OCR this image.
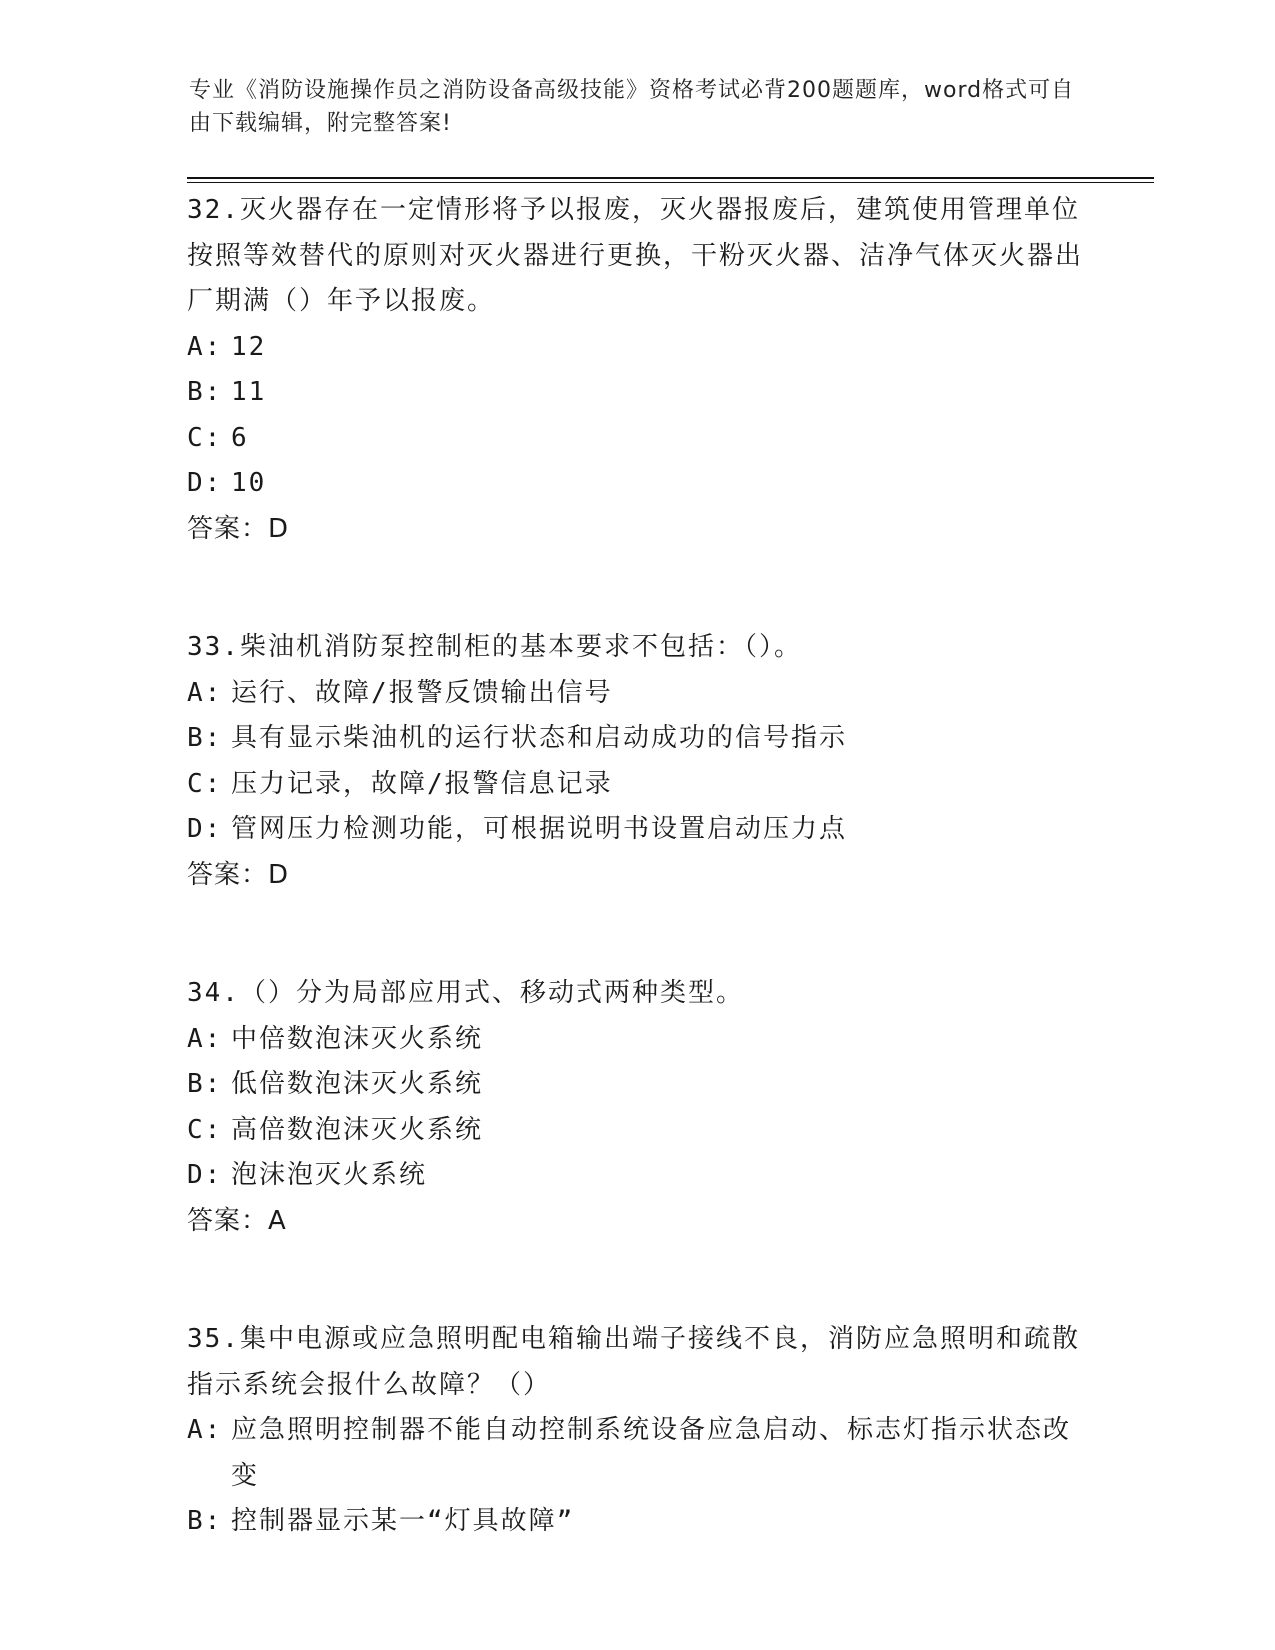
专业《消防设施操作员之消防设备高级技能》资格考试必背200题题库，word格式可自由下载编辑，附完整答案!

32.灭火器存在一定情形将予以报废，灭火器报废后，建筑使用管理单位按照等效替代的原则对灭火器进行更换，干粉灭火器、洁净气体灭火器出厂期满（）年予以报废。

A: 12
B: 11
C: 6
D: 10

答案：D

33.柴油机消防泵控制柜的基本要求不包括：（）。

A: 运行、故障/报警反馈输出信号
B: 具有显示柴油机的运行状态和启动成功的信号指示
C: 压力记录，故障/报警信息记录
D: 管网压力检测功能，可根据说明书设置启动压力点

答案：D

34.（）分为局部应用式、移动式两种类型。

A: 中倍数泡沫灭火系统
B: 低倍数泡沫灭火系统
C: 高倍数泡沫灭火系统
D: 泡沫泡灭火系统

答案：A

35.集中电源或应急照明配电箱输出端子接线不良，消防应急照明和疏散指示系统会报什么故障？（）

A: 应急照明控制器不能自动控制系统设备应急启动、标志灯指示状态改变
B: 控制器显示某一“灯具故障”
